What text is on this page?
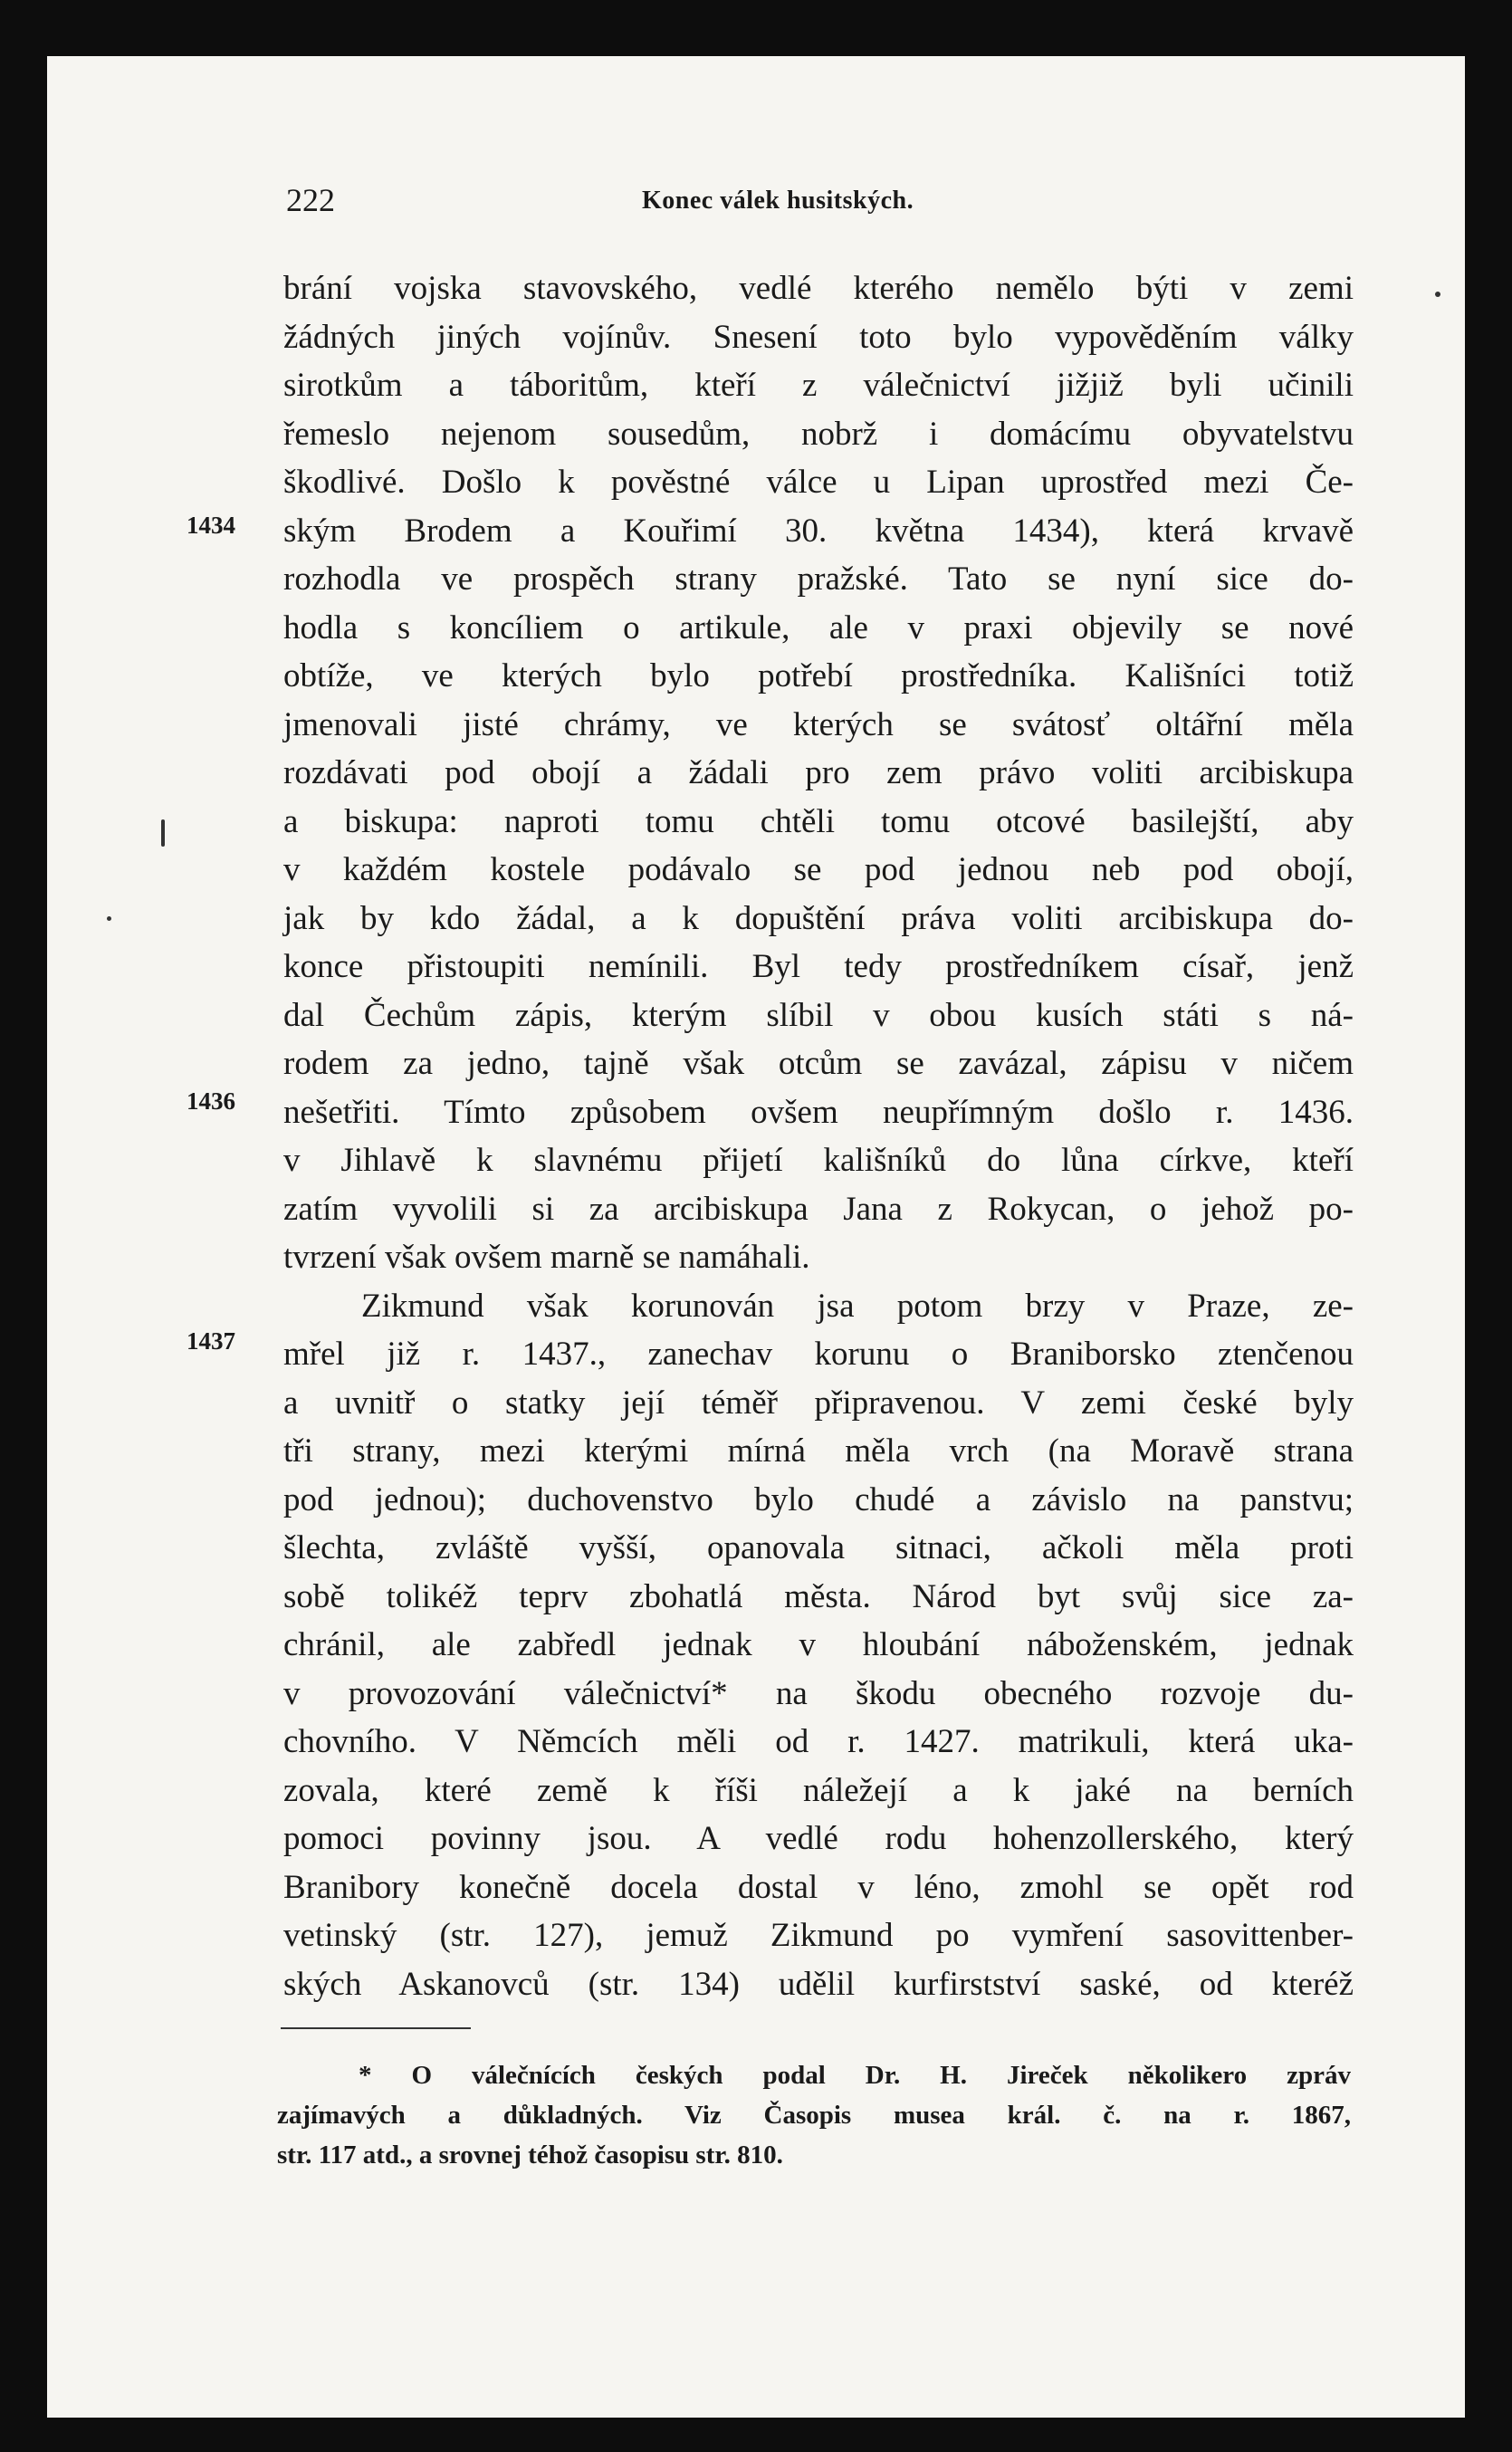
222	Konec válek husitských.
1434
1436
1437
brání vojska stavovského, vedlé kterého nemělo býti v zemi
žádných jiných vojínův. Snesení toto bylo vypověděním války
sirotkům a táboritům, kteří z válečnictví jižjiž byli učinili
řemeslo nejenom sousedům, nobrž i domácímu obyvatelstvu
škodlivé. Došlo k pověstné válce u Lipan uprostřed mezi Če-
ským Brodem a Kouřimí 30. května 1434), která krvavě
rozhodla ve prospěch strany pražské. Tato se nyní sice do-
hodla s koncíliem o artikule, ale v praxi objevily se nové
obtíže, ve kterých bylo potřebí prostředníka. Kališníci totiž
jmenovali jisté chrámy, ve kterých se svátosť oltářní měla
rozdávati pod obojí a žádali pro zem právo voliti arcibiskupa
a biskupa: naproti tomu chtěli tomu otcové basilejští, aby
v každém kostele podávalo se pod jednou neb pod obojí,
jak by kdo žádal, a k dopuštění práva voliti arcibiskupa do-
konce přistoupiti nemínili. Byl tedy prostředníkem císař, jenž
dal Čechům zápis, kterým slíbil v obou kusích státi s ná-
rodem za jedno, tajně však otcům se zavázal, zápisu v ničem
nešetřiti. Tímto způsobem ovšem neupřímným došlo r. 1436.
v Jihlavě k slavnému přijetí kališníků do lůna církve, kteří
zatím vyvolili si za arcibiskupa Jana z Rokycan, o jehož po-
tvrzení však ovšem marně se namáhali.
Zikmund však korunován jsa potom brzy v Praze, ze-
mřel již r. 1437., zanechav korunu o Braniborsko ztenčenou
a uvnitř o statky její téměř připravenou. V zemi české byly
tři strany, mezi kterými mírná měla vrch (na Moravě strana
pod jednou); duchovenstvo bylo chudé a závislo na panstvu;
šlechta, zvláště vyšší, opanovala sitnaci, ačkoli měla proti
sobě tolikéž teprv zbohatlá města. Národ byt svůj sice za-
chránil, ale zabředl jednak v hloubání náboženském, jednak
v provozování válečnictví* na škodu obecného rozvoje du-
chovního. V Němcích měli od r. 1427. matrikuli, která uka-
zovala, které země k říši náležejí a k jaké na berních
pomoci povinny jsou. A vedlé rodu hohenzollerského, který
Branibory konečně docela dostal v léno, zmohl se opět rod
vetinský (str. 127), jemuž Zikmund po vymření sasovittenber-
ských Askanovců (str. 134) udělil kurfirstství saské, od kteréž
* O válečnících českých podal Dr. H. Jireček několikero zpráv
zajímavých a důkladných. Viz Časopis musea král. č. na r. 1867,
str. 117 atd., a srovnej téhož časopisu str. 810.
